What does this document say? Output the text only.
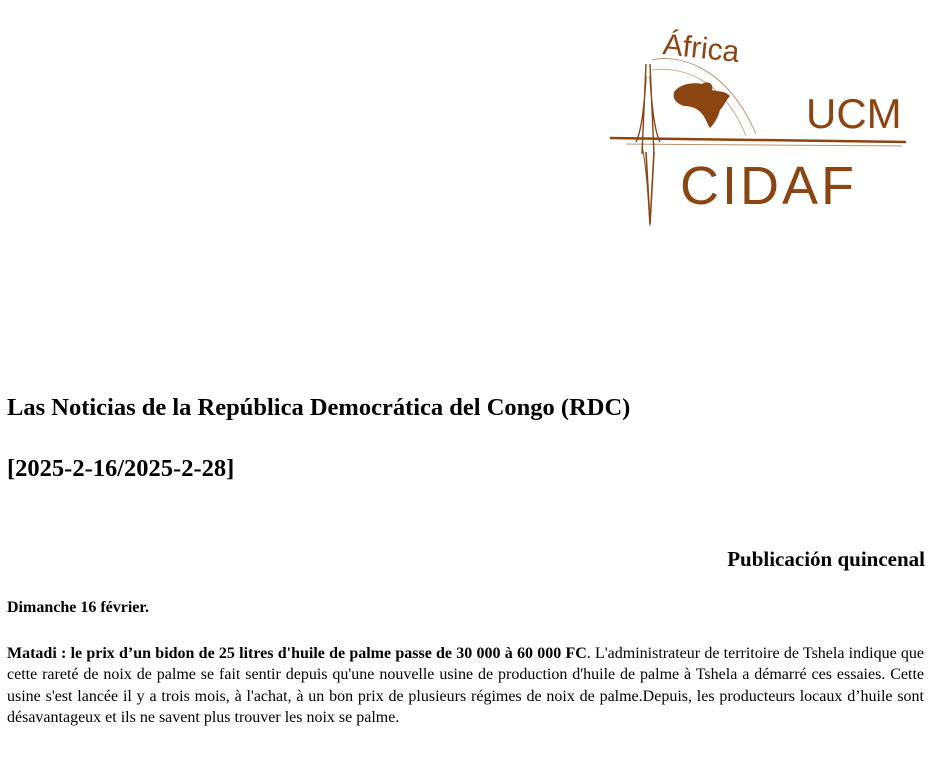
África
UCM
CIDAF
Las Noticias de la República Democrática del Congo (RDC)
[2025-2-16/2025-2-28]
Publicación quincenal
Dimanche 16 février.

Matadi : le prix d’un bidon de 25 litres d'huile de palme passe de 30 000 à 60 000 FC. L'administrateur de territoire de Tshela indique que cette rareté de noix de palme se fait sentir depuis qu'une nouvelle usine de production d'huile de palme à Tshela a démarré ces essaies. Cette usine s'est lancée il y a trois mois, à l'achat, à un bon prix de plusieurs régimes de noix de palme.Depuis, les producteurs locaux d’huile sont désavantageux et ils ne savent plus trouver les noix se palme.
